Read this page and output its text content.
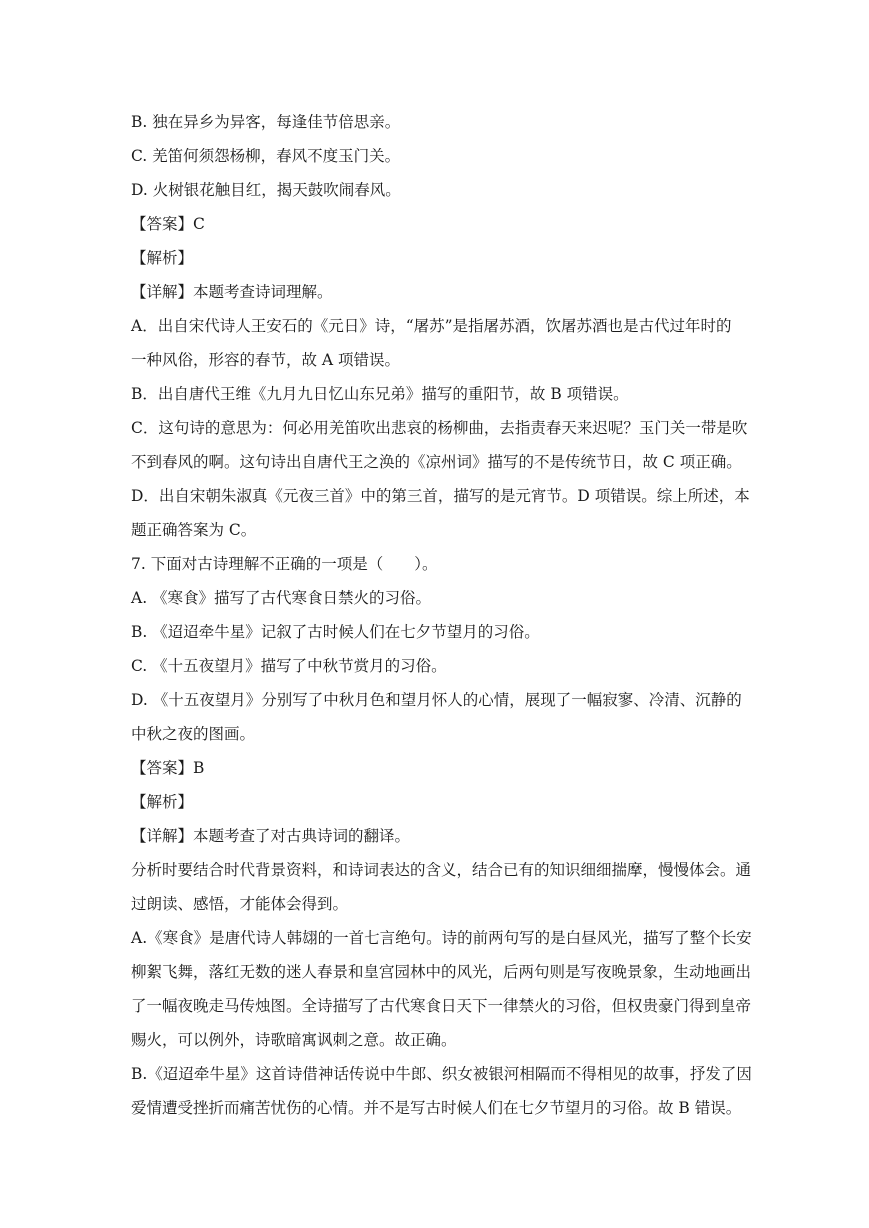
B. 独在异乡为异客，每逢佳节倍思亲。
C. 羌笛何须怨杨柳，春风不度玉门关。
D. 火树银花触目红，揭天鼓吹闹春风。
【答案】C
【解析】
【详解】本题考查诗词理解。
A．出自宋代诗人王安石的《元日》诗，“屠苏”是指屠苏酒，饮屠苏酒也是古代过年时的
一种风俗，形容的春节，故 A 项错误。
B．出自唐代王维《九月九日忆山东兄弟》描写的重阳节，故 B 项错误。
C．这句诗的意思为：何必用羌笛吹出悲哀的杨柳曲，去指责春天来迟呢？玉门关一带是吹
不到春风的啊。这句诗出自唐代王之涣的《凉州词》描写的不是传统节日，故 C 项正确。
D．出自宋朝朱淑真《元夜三首》中的第三首，描写的是元宵节。D 项错误。综上所述，本
题正确答案为 C。
7. 下面对古诗理解不正确的一项是（　　）。
A. 《寒食》描写了古代寒食日禁火的习俗。
B. 《迢迢牵牛星》记叙了古时候人们在七夕节望月的习俗。
C. 《十五夜望月》描写了中秋节赏月的习俗。
D. 《十五夜望月》分别写了中秋月色和望月怀人的心情，展现了一幅寂寥、冷清、沉静的
中秋之夜的图画。
【答案】B
【解析】
【详解】本题考查了对古典诗词的翻译。
分析时要结合时代背景资料，和诗词表达的含义，结合已有的知识细细揣摩，慢慢体会。通
过朗读、感悟，才能体会得到。
A.《寒食》是唐代诗人韩翃的一首七言绝句。诗的前两句写的是白昼风光，描写了整个长安
柳絮飞舞，落红无数的迷人春景和皇宫园林中的风光，后两句则是写夜晚景象，生动地画出
了一幅夜晚走马传烛图。全诗描写了古代寒食日天下一律禁火的习俗，但权贵豪门得到皇帝
赐火，可以例外，诗歌暗寓讽刺之意。故正确。
B.《迢迢牵牛星》这首诗借神话传说中牛郎、织女被银河相隔而不得相见的故事，抒发了因
爱情遭受挫折而痛苦忧伤的心情。并不是写古时候人们在七夕节望月的习俗。故 B 错误。
